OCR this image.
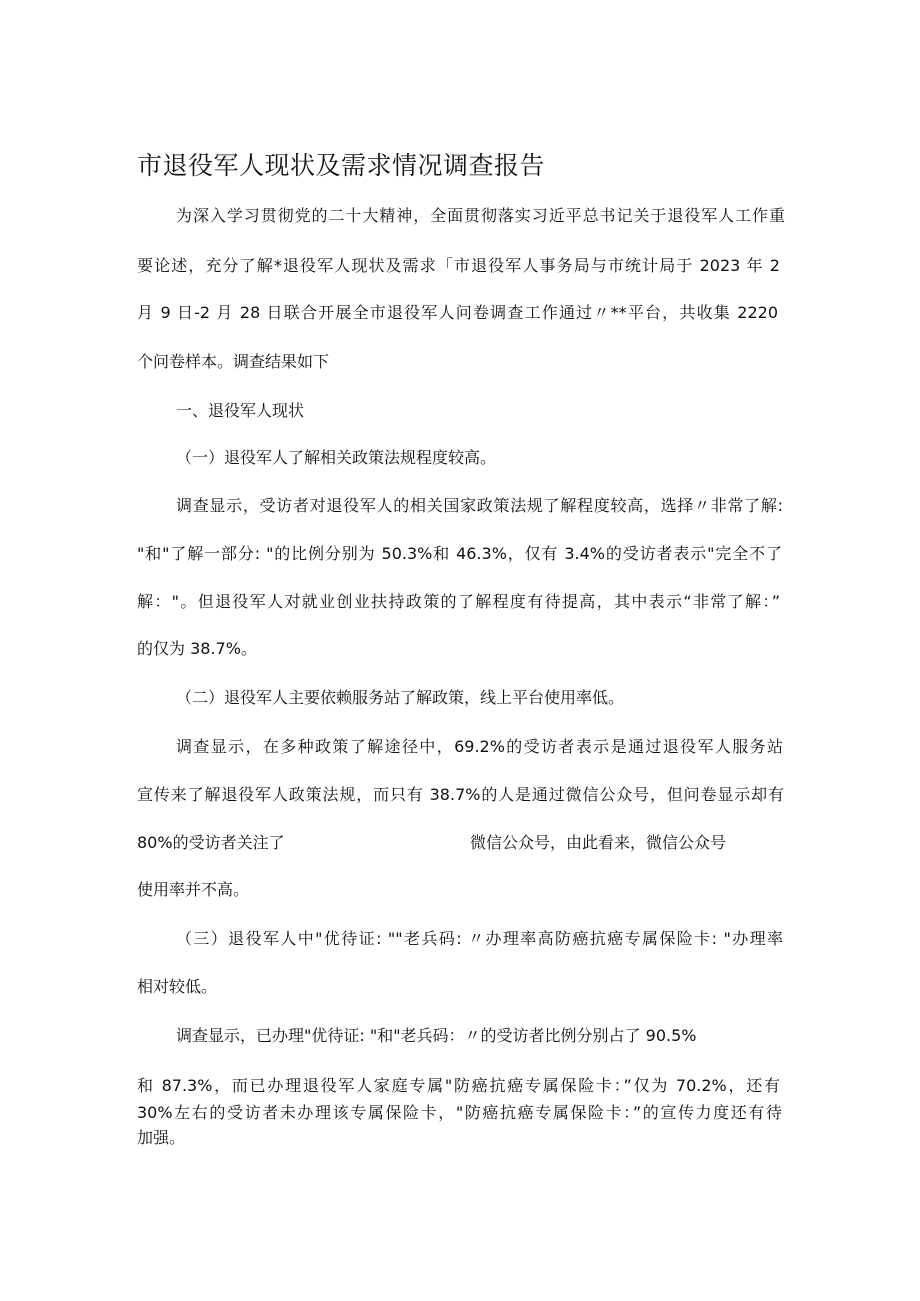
市退役军人现状及需求情况调查报告
为深入学习贯彻党的二十大精神，全面贯彻落实习近平总书记关于退役军人工作重
要论述，充分了解*退役军人现状及需求「市退役军人事务局与市统计局于 2023 年 2
月 9 日-2 月 28 日联合开展全市退役军人问卷调查工作通过〃**平台，共收集 2220
个问卷样本。调查结果如下
一、退役军人现状
（一）退役军人了解相关政策法规程度较高。
调查显示，受访者对退役军人的相关国家政策法规了解程度较高，选择〃非常了解:
"和"了解一部分: "的比例分别为 50.3%和 46.3%，仅有 3.4%的受访者表示"完全不了
解："。但退役军人对就业创业扶持政策的了解程度有待提高，其中表示“非常了解：”
的仅为 38.7%。
（二）退役军人主要依赖服务站了解政策，线上平台使用率低。
调查显示，在多种政策了解途径中，69.2%的受访者表示是通过退役军人服务站
宣传来了解退役军人政策法规，而只有 38.7%的人是通过微信公众号，但问卷显示却有
80%的受访者关注了	微信公众号，由此看来，微信公众号
使用率并不高。
（三）退役军人中"优待证: ""老兵码: 〃办理率高防癌抗癌专属保险卡: "办理率
相对较低。
调查显示，已办理"优待证: "和"老兵码：〃的受访者比例分别占了 90.5%
和 87.3%，而已办理退役军人家庭专属"防癌抗癌专属保险卡：”仅为 70.2%，还有
30%左右的受访者未办理该专属保险卡，"防癌抗癌专属保险卡：”的宣传力度还有待
加强。
